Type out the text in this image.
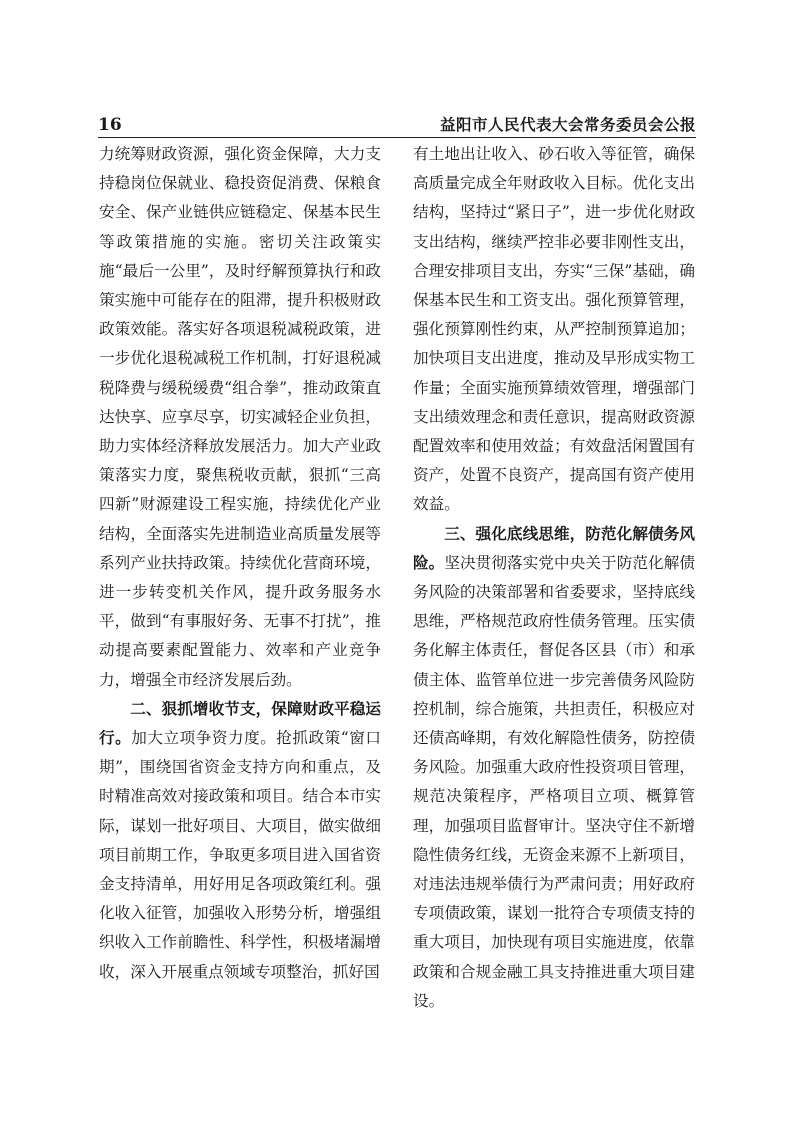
16	益阳市人民代表大会常务委员会公报

力统筹财政资源，强化资金保障，大力支持稳岗位保就业、稳投资促消费、保粮食安全、保产业链供应链稳定、保基本民生等政策措施的实施。密切关注政策实施“最后一公里”，及时纾解预算执行和政策实施中可能存在的阻滞，提升积极财政政策效能。落实好各项退税减税政策，进一步优化退税减税工作机制，打好退税减税降费与缓税缓费“组合拳”，推动政策直达快享、应享尽享，切实减轻企业负担，助力实体经济释放发展活力。加大产业政策落实力度，聚焦税收贡献，狠抓“三高四新”财源建设工程实施，持续优化产业结构，全面落实先进制造业高质量发展等系列产业扶持政策。持续优化营商环境，进一步转变机关作风，提升政务服务水平，做到“有事服好务、无事不打扰”，推动提高要素配置能力、效率和产业竞争力，增强全市经济发展后劲。

二、狠抓增收节支，保障财政平稳运行。加大立项争资力度。抢抓政策“窗口期”，围绕国省资金支持方向和重点，及时精准高效对接政策和项目。结合本市实际，谋划一批好项目、大项目，做实做细项目前期工作，争取更多项目进入国省资金支持清单，用好用足各项政策红利。强化收入征管，加强收入形势分析，增强组织收入工作前瞻性、科学性，积极堵漏增收，深入开展重点领域专项整治，抓好国

有土地出让收入、砂石收入等征管，确保高质量完成全年财政收入目标。优化支出结构，坚持过“紧日子”，进一步优化财政支出结构，继续严控非必要非刚性支出，合理安排项目支出，夯实“三保”基础，确保基本民生和工资支出。强化预算管理，强化预算刚性约束，从严控制预算追加；加快项目支出进度，推动及早形成实物工作量；全面实施预算绩效管理，增强部门支出绩效理念和责任意识，提高财政资源配置效率和使用效益；有效盘活闲置国有资产，处置不良资产，提高国有资产使用效益。

三、强化底线思维，防范化解债务风险。坚决贯彻落实党中央关于防范化解债务风险的决策部署和省委要求，坚持底线思维，严格规范政府性债务管理。压实债务化解主体责任，督促各区县（市）和承债主体、监管单位进一步完善债务风险防控机制，综合施策，共担责任，积极应对还债高峰期，有效化解隐性债务，防控债务风险。加强重大政府性投资项目管理，规范决策程序，严格项目立项、概算管理，加强项目监督审计。坚决守住不新增隐性债务红线，无资金来源不上新项目，对违法违规举债行为严肃问责；用好政府专项债政策，谋划一批符合专项债支持的重大项目，加快现有项目实施进度，依靠政策和合规金融工具支持推进重大项目建设。
